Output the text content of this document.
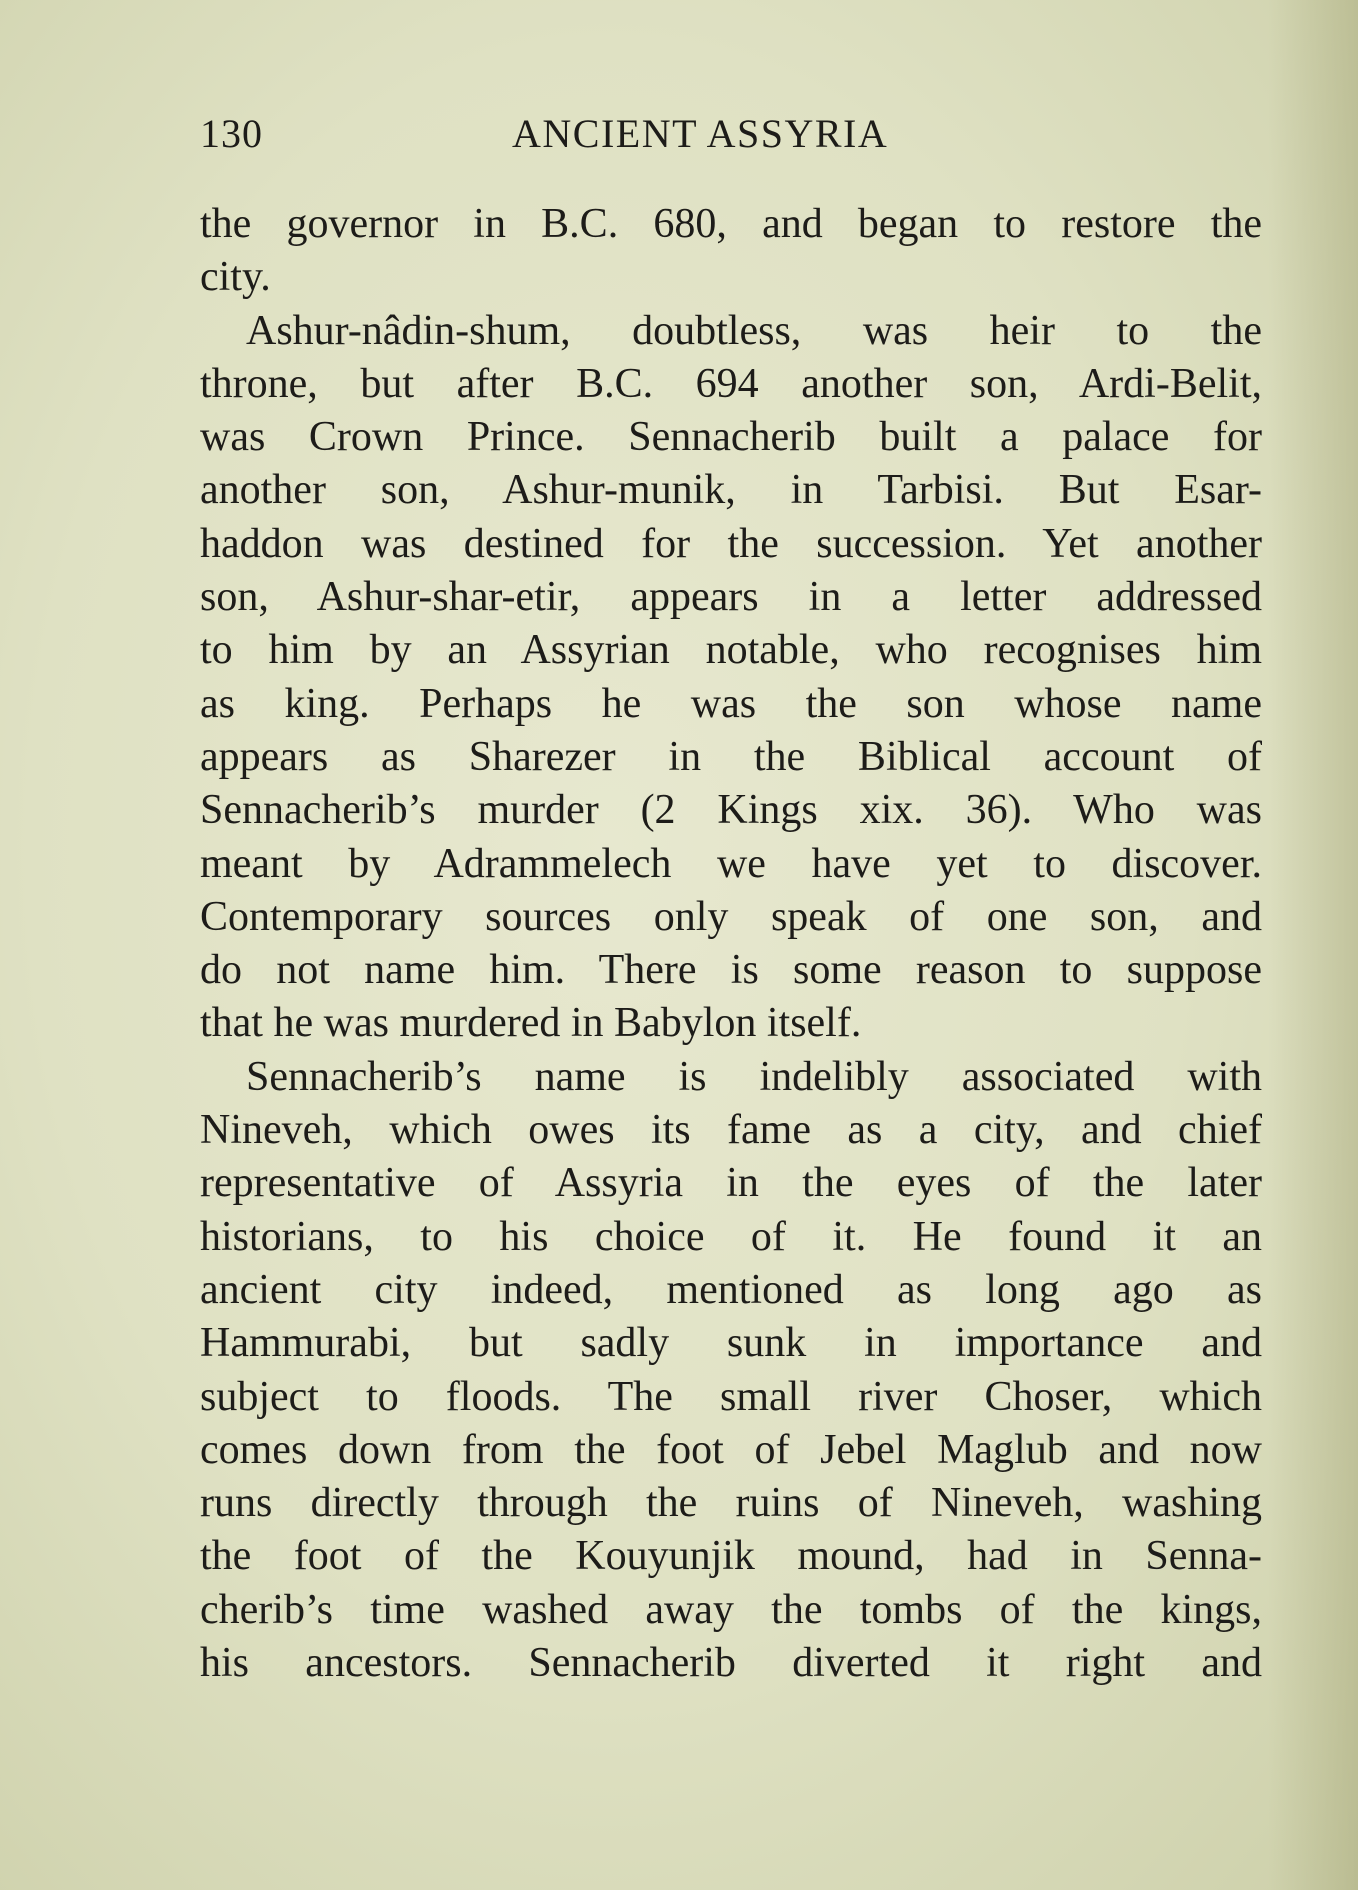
130	ANCIENT ASSYRIA
the governor in B.C. 680, and began to restore the
city.
Ashur-nâdin-shum, doubtless, was heir to the
throne, but after B.C. 694 another son, Ardi-Belit,
was Crown Prince. Sennacherib built a palace for
another son, Ashur-munik, in Tarbisi. But Esar-
haddon was destined for the succession. Yet another
son, Ashur-shar-etir, appears in a letter addressed
to him by an Assyrian notable, who recognises him
as king. Perhaps he was the son whose name
appears as Sharezer in the Biblical account of
Sennacherib’s murder (2 Kings xix. 36). Who was
meant by Adrammelech we have yet to discover.
Contemporary sources only speak of one son, and
do not name him. There is some reason to suppose
that he was murdered in Babylon itself.
Sennacherib’s name is indelibly associated with
Nineveh, which owes its fame as a city, and chief
representative of Assyria in the eyes of the later
historians, to his choice of it. He found it an
ancient city indeed, mentioned as long ago as
Hammurabi, but sadly sunk in importance and
subject to floods. The small river Choser, which
comes down from the foot of Jebel Maglub and now
runs directly through the ruins of Nineveh, washing
the foot of the Kouyunjik mound, had in Senna-
cherib’s time washed away the tombs of the kings,
his ancestors. Sennacherib diverted it right and
